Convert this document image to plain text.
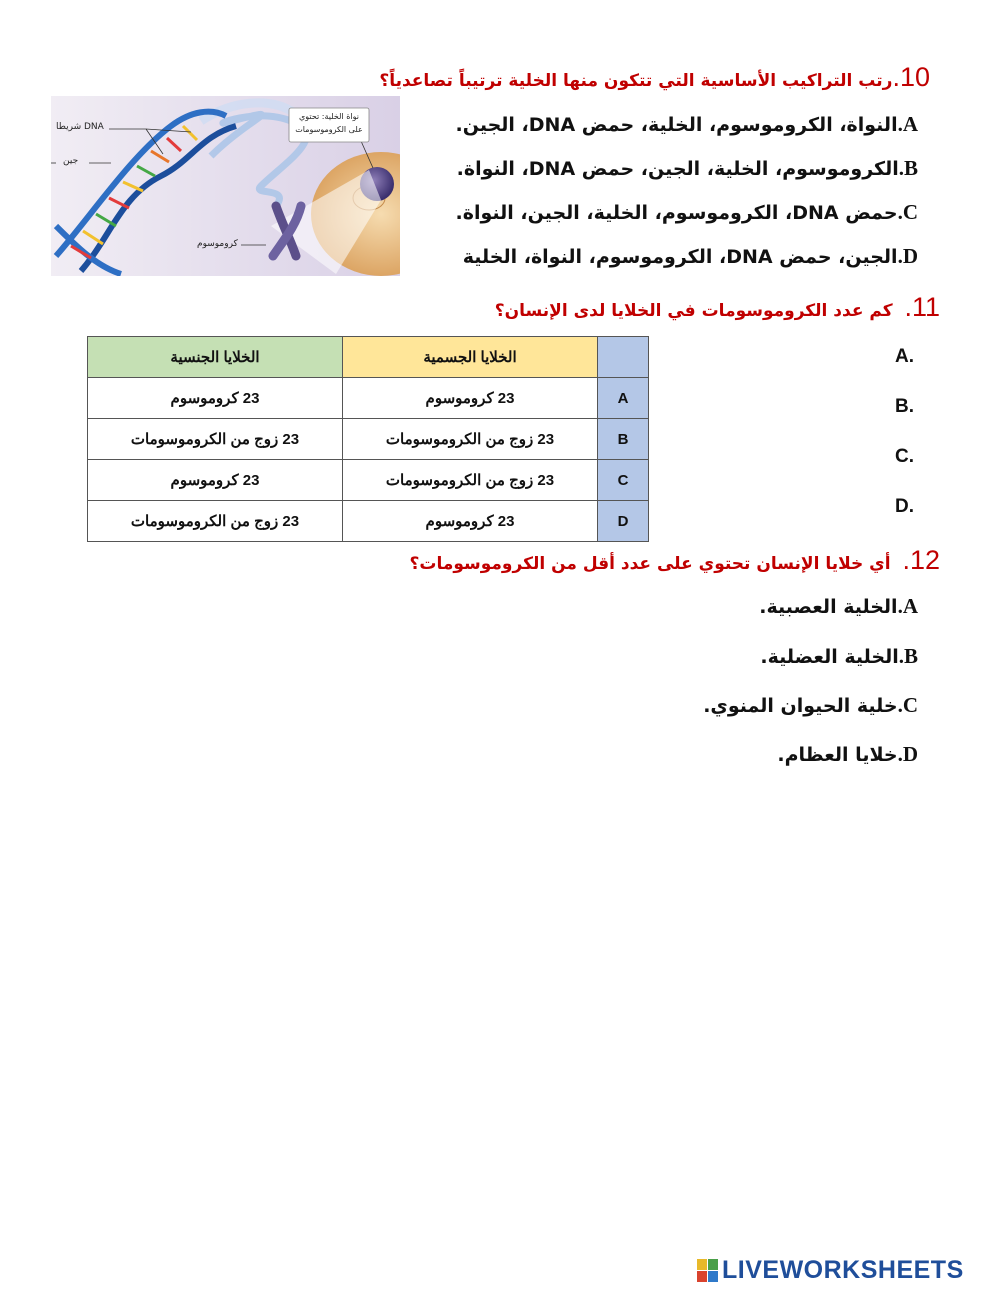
10.رتب التراكيب الأساسية التي تتكون منها الخلية ترتيباً تصاعدياً؟
شريطا DNA
جين
كروموسوم
نواة الخلية: تحتوي
على الكروموسومات	A.النواة، الكروموسوم، الخلية، حمض DNA، الجين.
B.الكروموسوم، الخلية، الجين، حمض DNA، النواة.
C.حمض DNA، الكروموسوم، الخلية، الجين، النواة.
D.الجين، حمض DNA، الكروموسوم، النواة، الخلية
11.  كم عدد الكروموسومات في الخلايا لدى الإنسان؟
الخلايا الجنسية	الخلايا الجسمية	
23 كروموسوم	23 كروموسوم	A
23 زوج من الكروموسومات	23 زوج من الكروموسومات	B
23 كروموسوم	23 زوج من الكروموسومات	C
23 زوج من الكروموسومات	23 كروموسوم	D
A.
B.
C.
D.
12.  أي خلايا الإنسان تحتوي على عدد أقل من الكروموسومات؟
A.الخلية العصبية.
B.الخلية العضلية.
C.خلية الحيوان المنوي.
D.خلايا العظام.
LIVEWORKSHEETS
